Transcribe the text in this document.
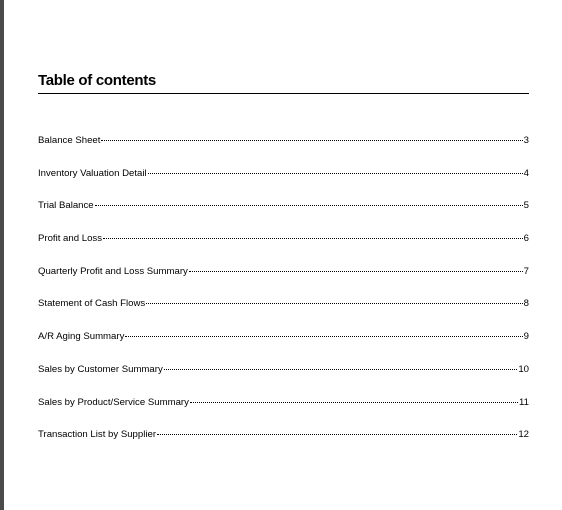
Table of contents
Balance Sheet	3
Inventory Valuation Detail	4
Trial Balance	5
Profit and Loss	6
Quarterly Profit and Loss Summary	7
Statement of Cash Flows	8
A/R Aging Summary	9
Sales by Customer Summary	10
Sales by Product/Service Summary	11
Transaction List by Supplier	12
